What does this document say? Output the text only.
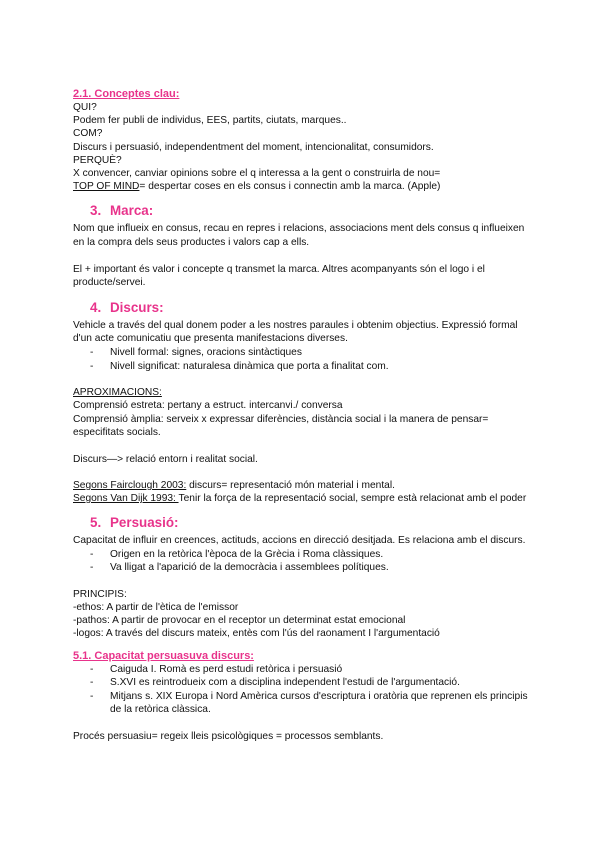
2.1. Conceptes clau:
QUI?
Podem fer publi de individus, EES, partits, ciutats, marques..
COM?
Discurs i persuasió, independentment del moment, intencionalitat, consumidors.
PERQUÈ?
X convencer, canviar opinions sobre el q interessa a la gent o construirla de nou=
TOP OF MIND= despertar coses en els consus i connectin amb la marca. (Apple)
3. Marca:
Nom que influeix en consus, recau en repres i relacions, associacions ment dels consus q influeixen en la compra dels seus productes i valors cap a ells.
El + important és valor i concepte q transmet la marca. Altres acompanyants són el logo i el producte/servei.
4. Discurs:
Vehicle a través del qual donem poder a les nostres paraules i obtenim objectius. Expressió formal d'un acte comunicatiu que presenta manifestacions diverses.
- Nivell formal: signes, oracions sintàctiques
- Nivell significat: naturalesa dinàmica que porta a finalitat com.
APROXIMACIONS:
Comprensió estreta: pertany a estruct. intercanvi./ conversa
Comprensió àmplia: serveix x expressar diferències, distància social i la manera de pensar= especifitats socials.
Discurs—> relació entorn i realitat social.
Segons Fairclough 2003: discurs= representació món material i mental.
Segons Van Dijk 1993: Tenir la força de la representació social, sempre està relacionat amb el poder
5. Persuasió:
Capacitat de influir en creences, actituds, accions en direcció desitjada. Es relaciona amb el discurs.
- Origen en la retòrica l'època de la Grècia i Roma clàssiques.
- Va lligat a l'aparició de la democràcia i assemblees polítiques.
PRINCIPIS:
-ethos: A partir de l'ètica de l'emissor
-pathos: A partir de provocar en el receptor un determinat estat emocional
-logos: A través del discurs mateix, entès com l'ús del raonament I l'argumentació
5.1. Capacitat persuasuva discurs:
- Caiguda I. Romà es perd estudi retòrica i persuasió
- S.XVI es reintrodueix com a disciplina independent l'estudi de l'argumentació.
- Mitjans s. XIX Europa i Nord Amèrica cursos d'escriptura i oratòria que reprenen els principis de la retòrica clàssica.
Procés persuasiu= regeix lleis psicològiques = processos semblants.
